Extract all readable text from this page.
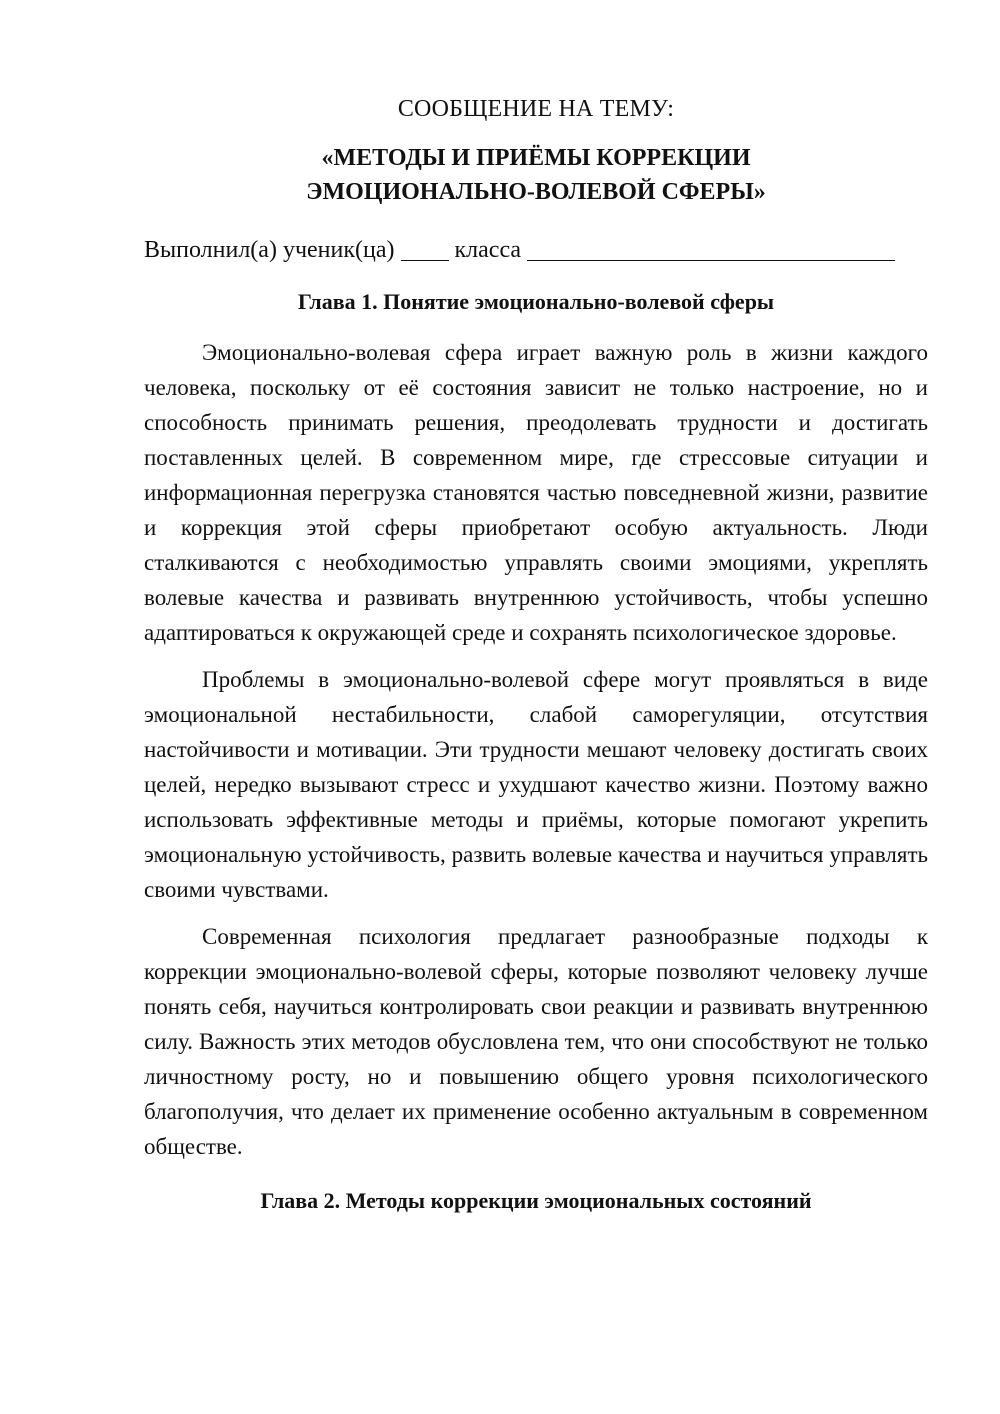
СООБЩЕНИЕ НА ТЕМУ:
«МЕТОДЫ И ПРИЁМЫ КОРРЕКЦИИ
ЭМОЦИОНАЛЬНО-ВОЛЕВОЙ СФЕРЫ»
Выполнил(а) ученик(ца)	класса
Глава 1. Понятие эмоционально-волевой сферы

Эмоционально-волевая сфера играет важную роль в жизни каждого человека, поскольку от её состояния зависит не только настроение, но и способность принимать решения, преодолевать трудности и достигать поставленных целей. В современном мире, где стрессовые ситуации и информационная перегрузка становятся частью повседневной жизни, развитие и коррекция этой сферы приобретают особую актуальность. Люди сталкиваются с необходимостью управлять своими эмоциями, укреплять волевые качества и развивать внутреннюю устойчивость, чтобы успешно адаптироваться к окружающей среде и сохранять психологическое здоровье.

Проблемы в эмоционально-волевой сфере могут проявляться в виде эмоциональной нестабильности, слабой саморегуляции, отсутствия настойчивости и мотивации. Эти трудности мешают человеку достигать своих целей, нередко вызывают стресс и ухудшают качество жизни. Поэтому важно использовать эффективные методы и приёмы, которые помогают укрепить эмоциональную устойчивость, развить волевые качества и научиться управлять своими чувствами.

Современная психология предлагает разнообразные подходы к коррекции эмоционально-волевой сферы, которые позволяют человеку лучше понять себя, научиться контролировать свои реакции и развивать внутреннюю силу. Важность этих методов обусловлена тем, что они способствуют не только личностному росту, но и повышению общего уровня психологического благополучия, что делает их применение особенно актуальным в современном обществе.

Глава 2. Методы коррекции эмоциональных состояний
